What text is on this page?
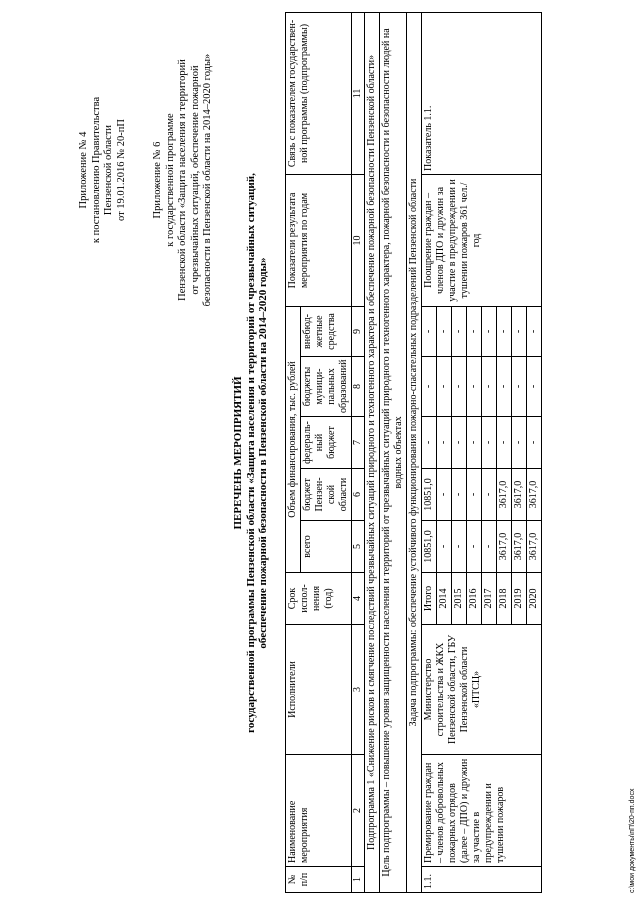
Приложение № 4 к постановлению Правительства Пензенской области от 19.01.2016 № 20-пП Приложение № 6 к государственной программе Пензенской области «Защита населения и территорий от чрезвычайных ситуаций, обеспечение пожарной безопасности в Пензенской области на 2014–2020 годы»
ПЕРЕЧЕНЬ МЕРОПРИЯТИЙ государственной программы Пензенской области «Защита населения и территорий от чрезвычайных ситуаций, обеспечение пожарной безопасности в Пензенской области на 2014–2020 годы»
№ п/п	Наименование мероприятия	Исполнители	Срок испол-нения (год)	Объем финансирования, тыс. рублей					Показатели результата мероприятия по годам	Связь с показателем государствен-ной программы (подпрограммы)
				всего	бюджет Пензен-ской области	федераль-ный бюджет	бюджеты муници-пальных образований	внебюд-жетные средства		
1	2	3	4	5	6	7	8	9	10	11
Подпрограмма 1 «Снижение рисков и смягчение последствий чрезвычайных ситуаций природного и техногенного характера и обеспечение пожарной безопасности Пензенской области»										
Цель подпрограммы – повышение уровня защищенности населения и территорий от чрезвычайных ситуаций природного и техногенного характера, пожарной безопасности и безопасности людей на водных объектах										
Задача подпрограммы: обеспечение устойчивого функционирования пожарно-спасательных подразделений Пензенской области										
1.1.	Премирование граждан – членов добровольных пожарных отрядов (далее – ДПО) и дружин за участие в предупреждении и тушении пожаров	Министерство строительства и ЖКХ Пензенской области, ГБУ Пензенской области «ПТСЦ»	Итого	10851,0	10851,0	-	-	-	Поощрение граждан – членов ДПО и дружин за участие в предупреждении и тушении пожаров 361 чел./год	Показатель 1.1.
			2014	-	-	-	-	-		
			2015	-	-	-	-	-		
			2016	-	-	-	-	-		
			2017	-	-	-	-	-		
			2018	3617,0	3617,0	-	-	-		
			2019	3617,0	3617,0	-	-	-		
			2020	3617,0	3617,0	-	-	-		
c:\мои документы\пП\20-пп.docx
